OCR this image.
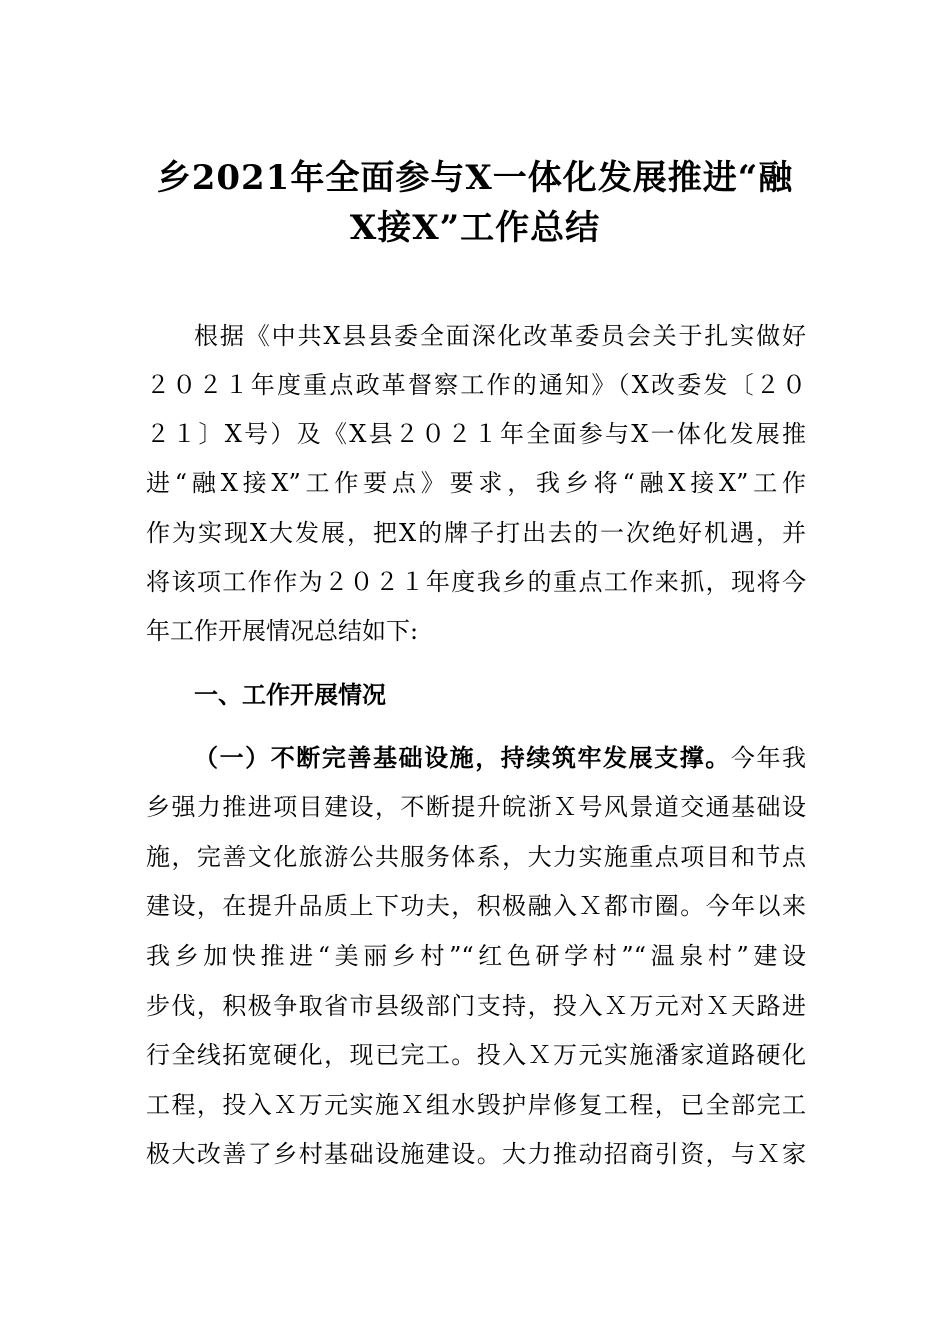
乡2021年全面参与X一体化发展推进“融
X接X”工作总结
根据《中共X县县委全面深化改革委员会关于扎实做好
２０２１年度重点政革督察工作的通知》（X改委发〔２０
２１〕X号）及《X县２０２１年全面参与X一体化发展推
进“融X接X”工作要点》要求，我乡将“融X接X”工作
作为实现X大发展，把X的牌子打出去的一次绝好机遇，并
将该项工作作为２０２１年度我乡的重点工作来抓，现将今
年工作开展情况总结如下:
一、工作开展情况
（一）不断完善基础设施，持续筑牢发展支撑。今年我
乡强力推进项目建设，不断提升皖浙Ｘ号风景道交通基础设
施，完善文化旅游公共服务体系，大力实施重点项目和节点
建设，在提升品质上下功夫，积极融入Ｘ都市圈。今年以来
我乡加快推进“美丽乡村”“红色研学村”“温泉村”建设
步伐，积极争取省市县级部门支持，投入Ｘ万元对Ｘ天路进
行全线拓宽硬化，现已完工。投入Ｘ万元实施潘家道路硬化
工程，投入Ｘ万元实施Ｘ组水毁护岸修复工程，已全部完工
极大改善了乡村基础设施建设。大力推动招商引资，与Ｘ家
